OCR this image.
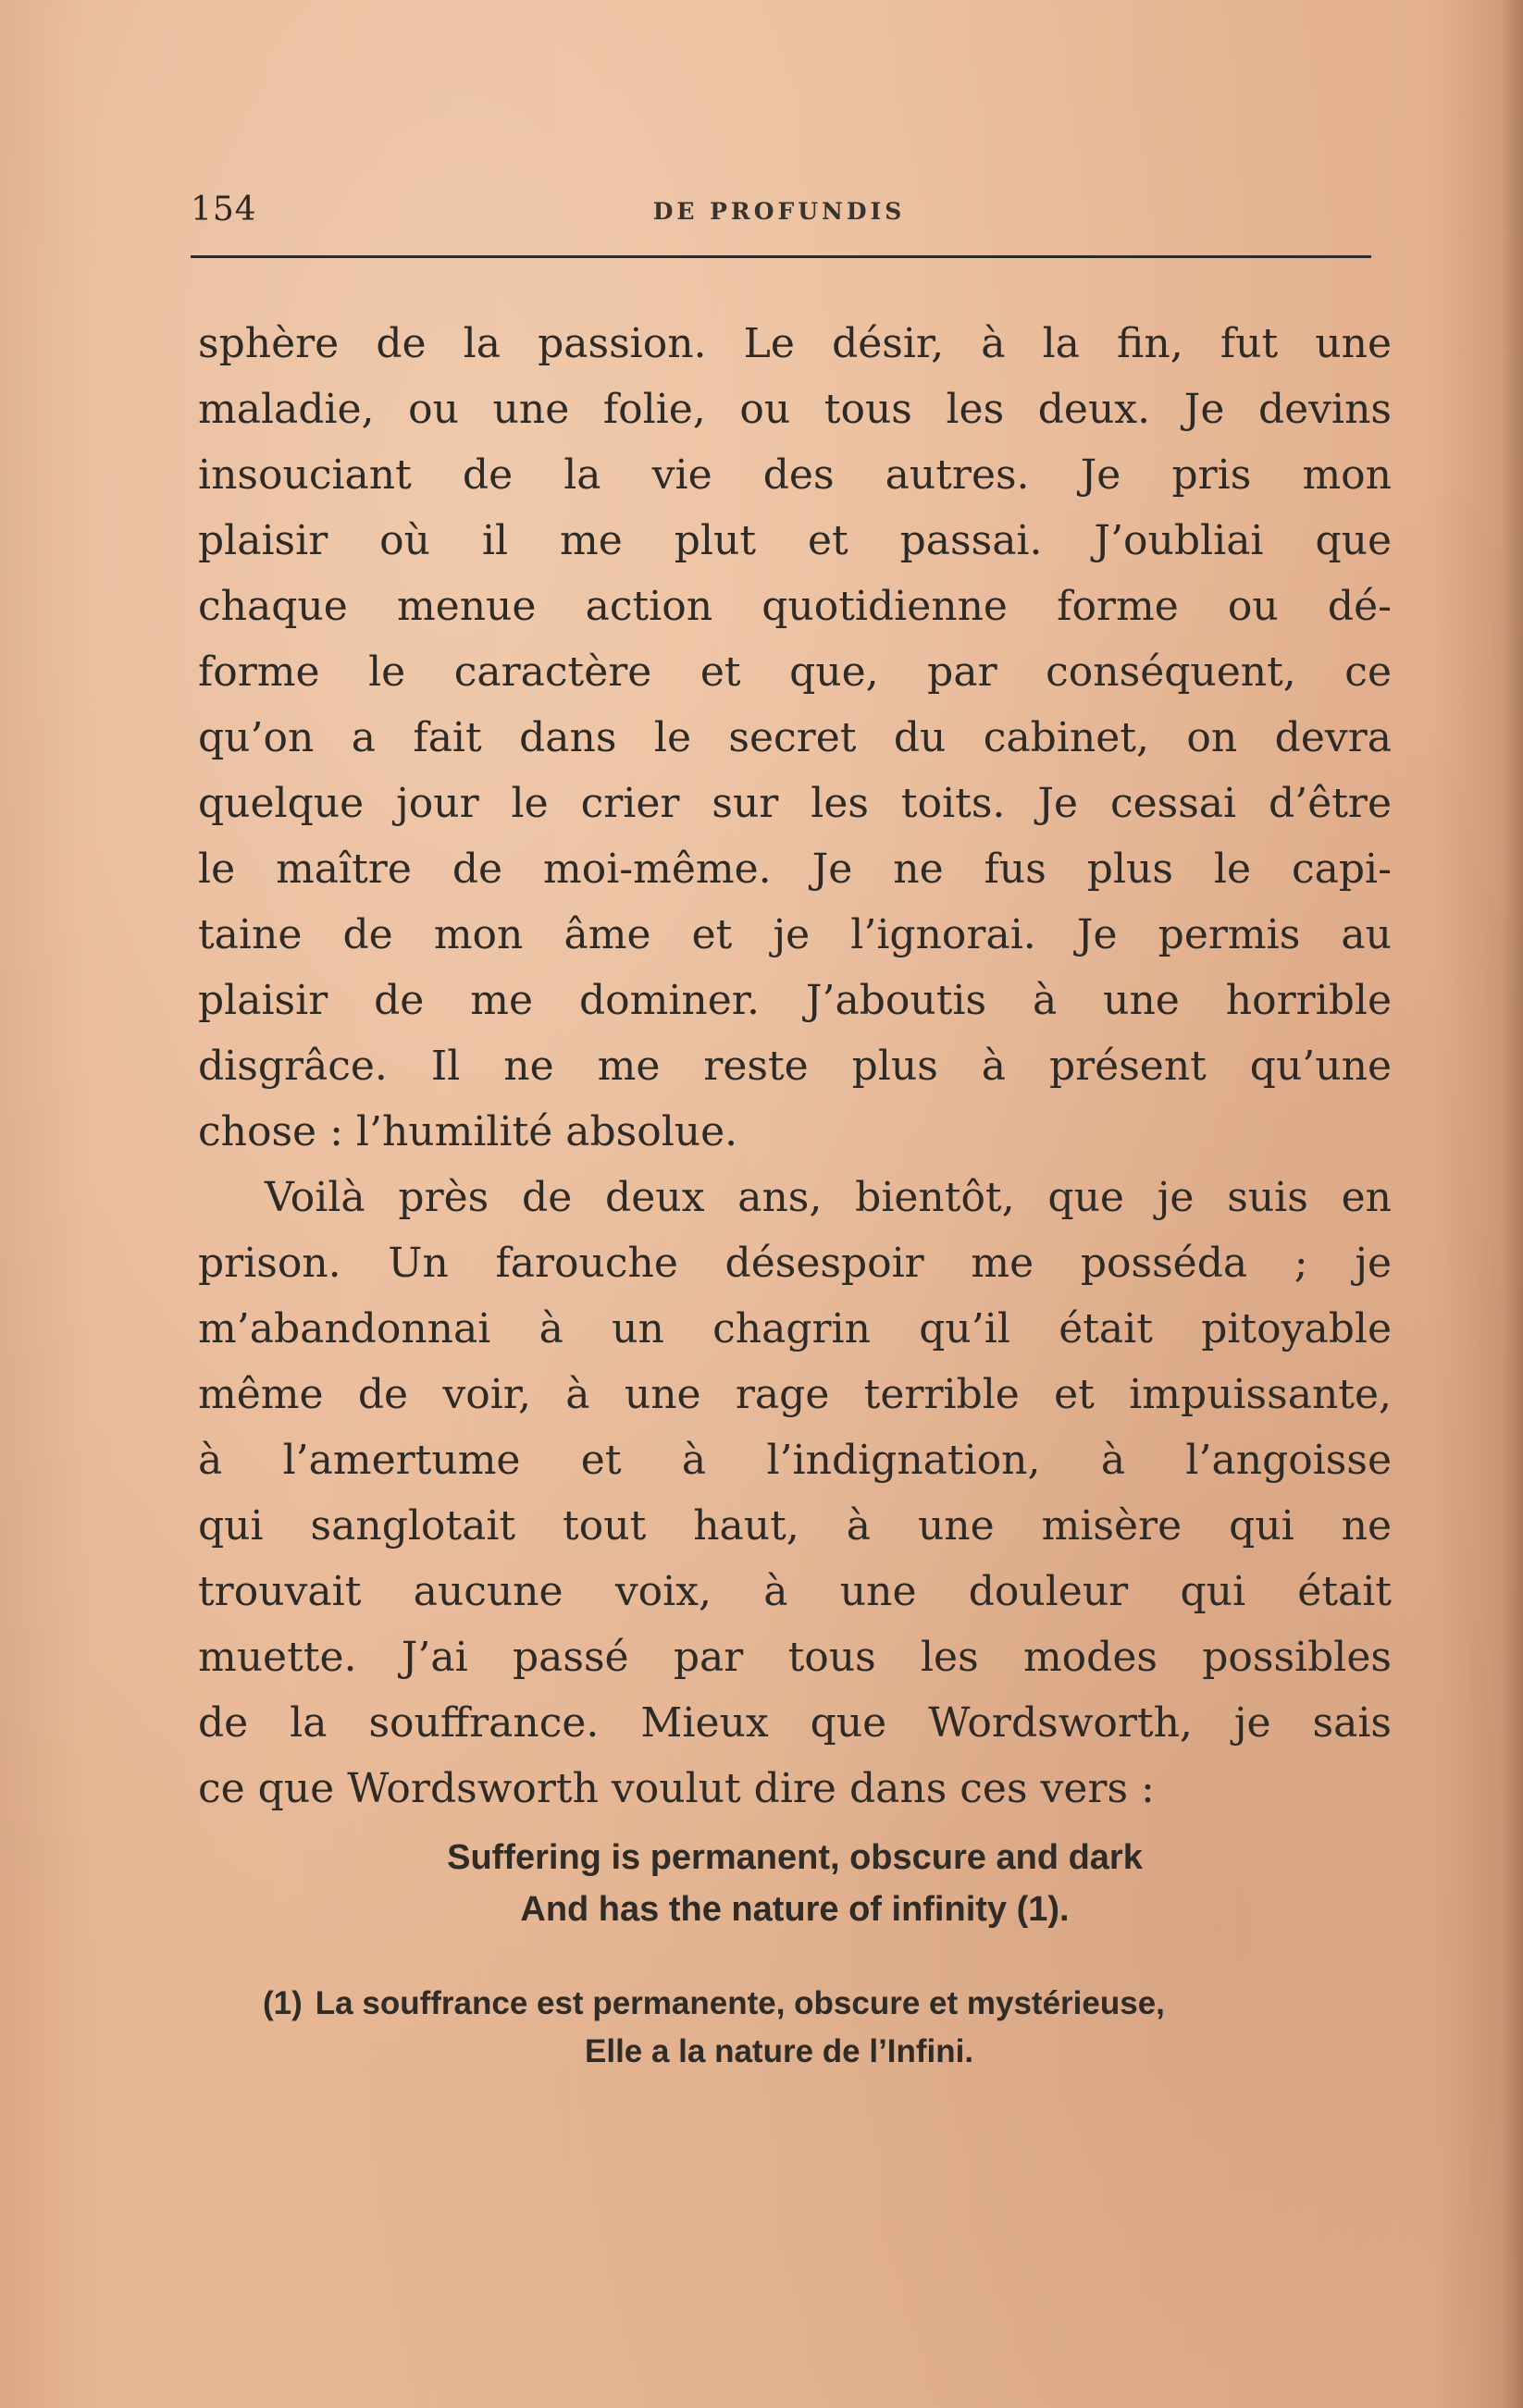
154	DE PROFUNDIS
sphère de la passion. Le désir, à la fin, fut une
maladie, ou une folie, ou tous les deux. Je devins
insouciant de la vie des autres. Je pris mon
plaisir où il me plut et passai. J’oubliai que
chaque menue action quotidienne forme ou dé-
forme le caractère et que, par conséquent, ce
qu’on a fait dans le secret du cabinet, on devra
quelque jour le crier sur les toits. Je cessai d’être
le maître de moi-même. Je ne fus plus le capi-
taine de mon âme et je l’ignorai. Je permis au
plaisir de me dominer. J’aboutis à une horrible
disgrâce. Il ne me reste plus à présent qu’une
chose : l’humilité absolue.
Voilà près de deux ans, bientôt, que je suis en
prison. Un farouche désespoir me posséda ; je
m’abandonnai à un chagrin qu’il était pitoyable
même de voir, à une rage terrible et impuissante,
à l’amertume et à l’indignation, à l’angoisse
qui sanglotait tout haut, à une misère qui ne
trouvait aucune voix, à une douleur qui était
muette. J’ai passé par tous les modes possibles
de la souffrance. Mieux que Wordsworth, je sais
ce que Wordsworth voulut dire dans ces vers :
Suffering is permanent, obscure and dark
And has the nature of infinity (1).
(1) La souffrance est permanente, obscure et mystérieuse,
Elle a la nature de l’Infini.
